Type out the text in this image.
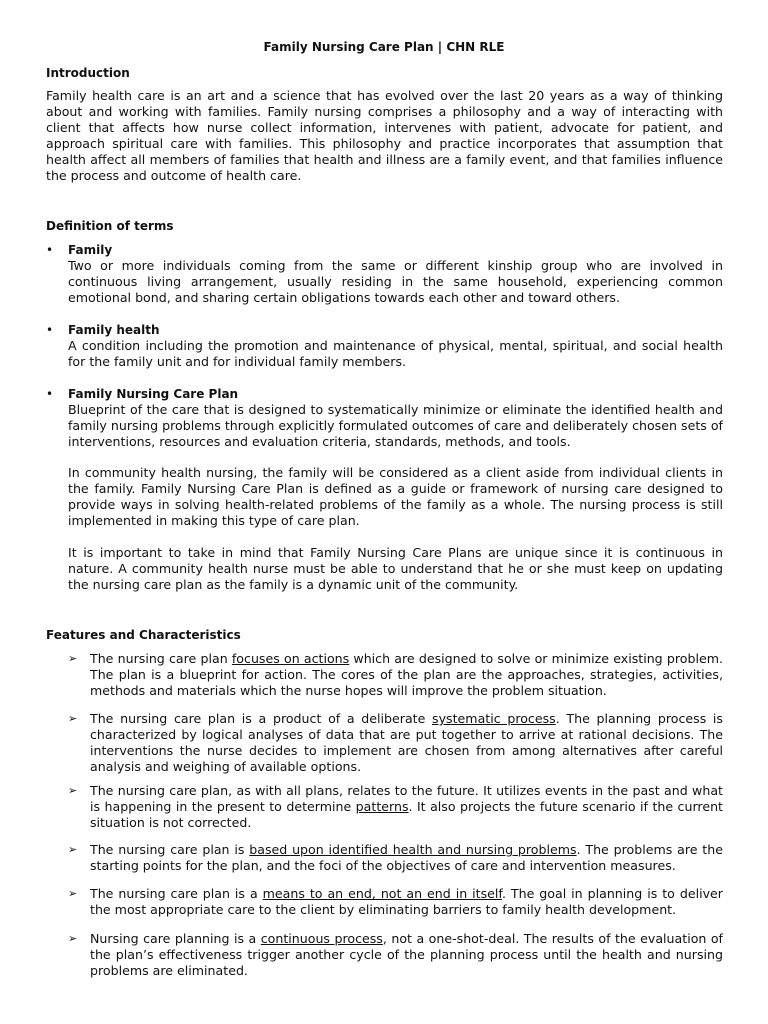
Family Nursing Care Plan | CHN RLE
Introduction
Family health care is an art and a science that has evolved over the last 20 years as a way of thinking about and working with families. Family nursing comprises a philosophy and a way of interacting with client that affects how nurse collect information, intervenes with patient, advocate for patient, and approach spiritual care with families. This philosophy and practice incorporates that assumption that health affect all members of families that health and illness are a family event, and that families influence the process and outcome of health care.
Definition of terms
• Family
Two or more individuals coming from the same or different kinship group who are involved in continuous living arrangement, usually residing in the same household, experiencing common emotional bond, and sharing certain obligations towards each other and toward others.
• Family health
A condition including the promotion and maintenance of physical, mental, spiritual, and social health for the family unit and for individual family members.
• Family Nursing Care Plan
Blueprint of the care that is designed to systematically minimize or eliminate the identified health and family nursing problems through explicitly formulated outcomes of care and deliberately chosen sets of interventions, resources and evaluation criteria, standards, methods, and tools.
In community health nursing, the family will be considered as a client aside from individual clients in the family. Family Nursing Care Plan is defined as a guide or framework of nursing care designed to provide ways in solving health-related problems of the family as a whole. The nursing process is still implemented in making this type of care plan.
It is important to take in mind that Family Nursing Care Plans are unique since it is continuous in nature. A community health nurse must be able to understand that he or she must keep on updating the nursing care plan as the family is a dynamic unit of the community.
Features and Characteristics
➢ The nursing care plan focuses on actions which are designed to solve or minimize existing problem. The plan is a blueprint for action. The cores of the plan are the approaches, strategies, activities, methods and materials which the nurse hopes will improve the problem situation.
➢ The nursing care plan is a product of a deliberate systematic process. The planning process is characterized by logical analyses of data that are put together to arrive at rational decisions. The interventions the nurse decides to implement are chosen from among alternatives after careful analysis and weighing of available options.
➢ The nursing care plan, as with all plans, relates to the future. It utilizes events in the past and what is happening in the present to determine patterns. It also projects the future scenario if the current situation is not corrected.
➢ The nursing care plan is based upon identified health and nursing problems. The problems are the starting points for the plan, and the foci of the objectives of care and intervention measures.
➢ The nursing care plan is a means to an end, not an end in itself. The goal in planning is to deliver the most appropriate care to the client by eliminating barriers to family health development.
➢ Nursing care planning is a continuous process, not a one-shot-deal. The results of the evaluation of the plan’s effectiveness trigger another cycle of the planning process until the health and nursing problems are eliminated.
